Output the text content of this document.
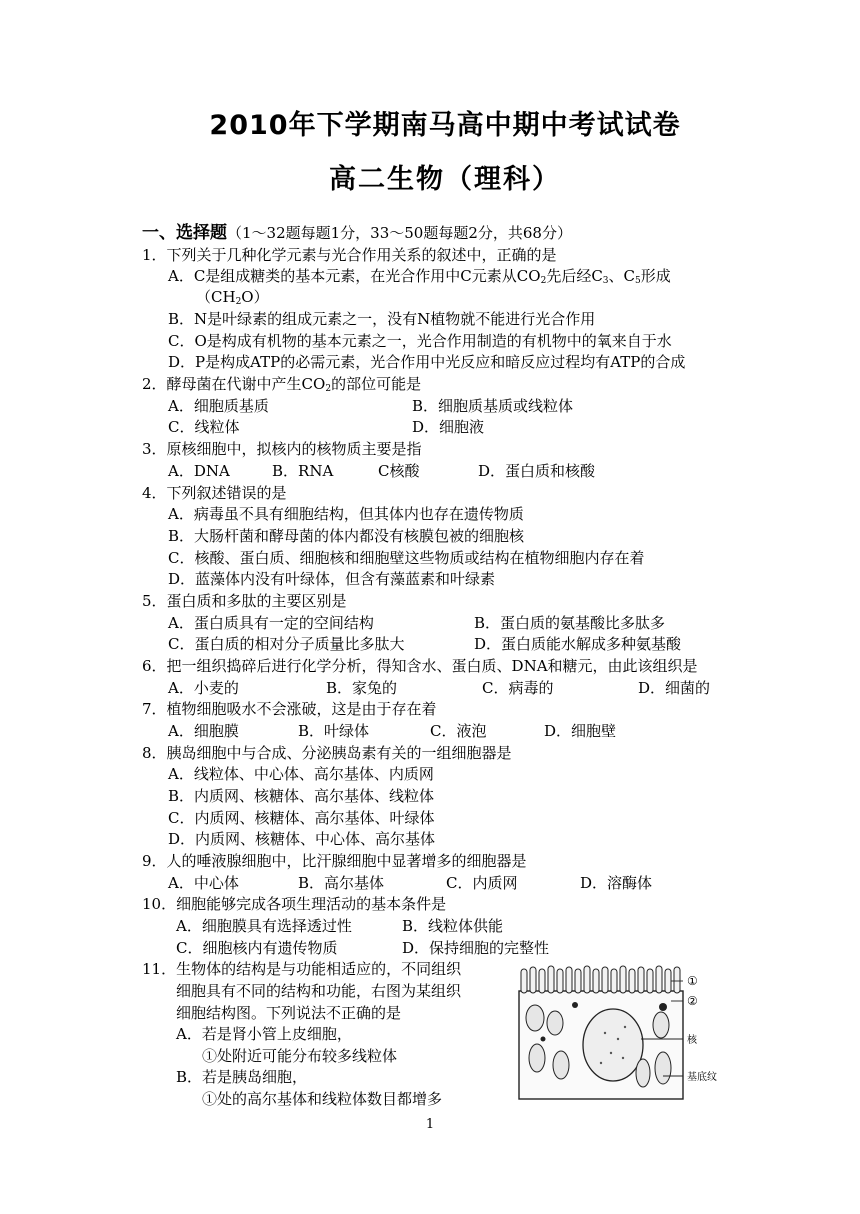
2010年下学期南马高中期中考试试卷
高二生物（理科）
一、选择题（1～32题每题1分，33～50题每题2分，共68分）
1．下列关于几种化学元素与光合作用关系的叙述中，正确的是
A．C是组成糖类的基本元素，在光合作用中C元素从$CO_2$先后经$C_3$、$C_5$形成
$(CH_2O)$
B．N是叶绿素的组成元素之一，没有N植物就不能进行光合作用
C．O是构成有机物的基本元素之一，光合作用制造的有机物中的氧来自于水
D．P是构成ATP的必需元素，光合作用中光反应和暗反应过程均有ATP的合成
2．酵母菌在代谢中产生$CO_2$的部位可能是
A．细胞质基质	B．细胞质基质或线粒体
C．线粒体	D．细胞液
3．原核细胞中，拟核内的核物质主要是指
A．DNA	B．RNA	C核酸	D．蛋白质和核酸
4．下列叙述错误的是
A．病毒虽不具有细胞结构，但其体内也存在遗传物质
B．大肠杆菌和酵母菌的体内都没有核膜包被的细胞核
C．核酸、蛋白质、细胞核和细胞壁这些物质或结构在植物细胞内存在着
D．蓝藻体内没有叶绿体，但含有藻蓝素和叶绿素
5．蛋白质和多肽的主要区别是
A．蛋白质具有一定的空间结构	B．蛋白质的氨基酸比多肽多
C．蛋白质的相对分子质量比多肽大	D．蛋白质能水解成多种氨基酸
6．把一组织捣碎后进行化学分析，得知含水、蛋白质、DNA和糖元，由此该组织是
A．小麦的	B．家兔的	C．病毒的	D．细菌的
7．植物细胞吸水不会涨破，这是由于存在着
A．细胞膜	B．叶绿体	C．液泡	D．细胞壁
8．胰岛细胞中与合成、分泌胰岛素有关的一组细胞器是
A．线粒体、中心体、高尔基体、内质网
B．内质网、核糖体、高尔基体、线粒体
C．内质网、核糖体、高尔基体、叶绿体
D．内质网、核糖体、中心体、高尔基体
9．人的唾液腺细胞中，比汗腺细胞中显著增多的细胞器是
A．中心体	B．高尔基体	C．内质网	D．溶酶体
10．细胞能够完成各项生理活动的基本条件是
A．细胞膜具有选择透过性	B．线粒体供能
C．细胞核内有遗传物质	D．保持细胞的完整性
11．生物体的结构是与功能相适应的，不同组织
细胞具有不同的结构和功能，右图为某组织
细胞结构图。下列说法不正确的是
A．若是肾小管上皮细胞，
①处附近可能分布较多线粒体
B．若是胰岛细胞，
①处的高尔基体和线粒体数目都增多
①
②
核
基底纹
1
